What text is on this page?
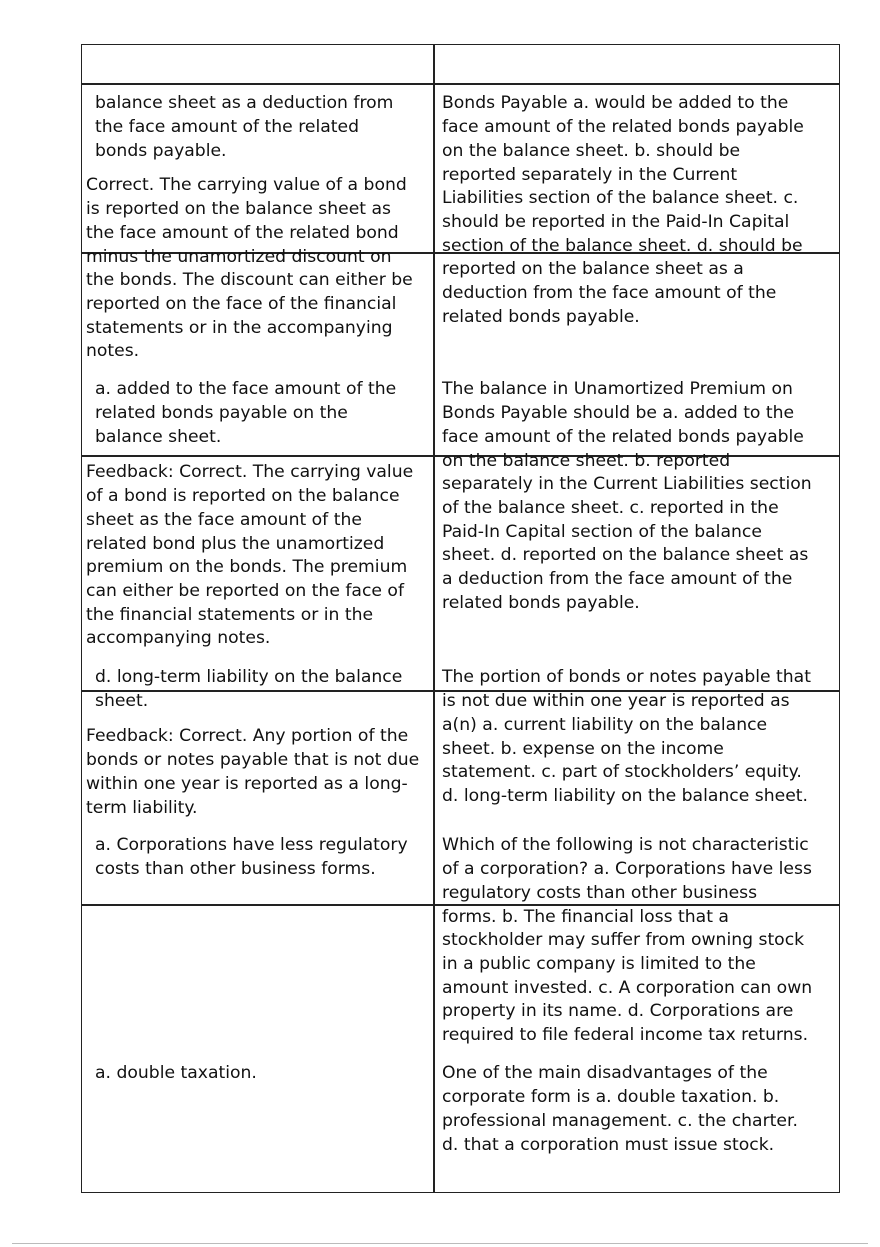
balance sheet as a deduction from
the face amount of the related
bonds payable.

Correct. The carrying value of a bond
is reported on the balance sheet as
the face amount of the related bond
minus the unamortized discount on
the bonds. The discount can either be
reported on the face of the financial
statements or in the accompanying
notes.

a. added to the face amount of the
related bonds payable on the
balance sheet.

Feedback: Correct. The carrying value
of a bond is reported on the balance
sheet as the face amount of the
related bond plus the unamortized
premium on the bonds. The premium
can either be reported on the face of
the financial statements or in the
accompanying notes.

d. long-term liability on the balance
sheet.

Feedback: Correct. Any portion of the
bonds or notes payable that is not due
within one year is reported as a long-
term liability.

a. Corporations have less regulatory
costs than other business forms.

a. double taxation.

Bonds Payable a. would be added to the
face amount of the related bonds payable
on the balance sheet. b. should be
reported separately in the Current
Liabilities section of the balance sheet. c.
should be reported in the Paid-In Capital
section of the balance sheet. d. should be
reported on the balance sheet as a
deduction from the face amount of the
related bonds payable.

The balance in Unamortized Premium on
Bonds Payable should be a. added to the
face amount of the related bonds payable
on the balance sheet. b. reported
separately in the Current Liabilities section
of the balance sheet. c. reported in the
Paid-In Capital section of the balance
sheet. d. reported on the balance sheet as
a deduction from the face amount of the
related bonds payable.

The portion of bonds or notes payable that
is not due within one year is reported as
a(n) a. current liability on the balance
sheet. b. expense on the income
statement. c. part of stockholders’ equity.
d. long-term liability on the balance sheet.

Which of the following is not characteristic
of a corporation? a. Corporations have less
regulatory costs than other business
forms. b. The financial loss that a
stockholder may suffer from owning stock
in a public company is limited to the
amount invested. c. A corporation can own
property in its name. d. Corporations are
required to file federal income tax returns.

One of the main disadvantages of the
corporate form is a. double taxation. b.
professional management. c. the charter.
d. that a corporation must issue stock.
